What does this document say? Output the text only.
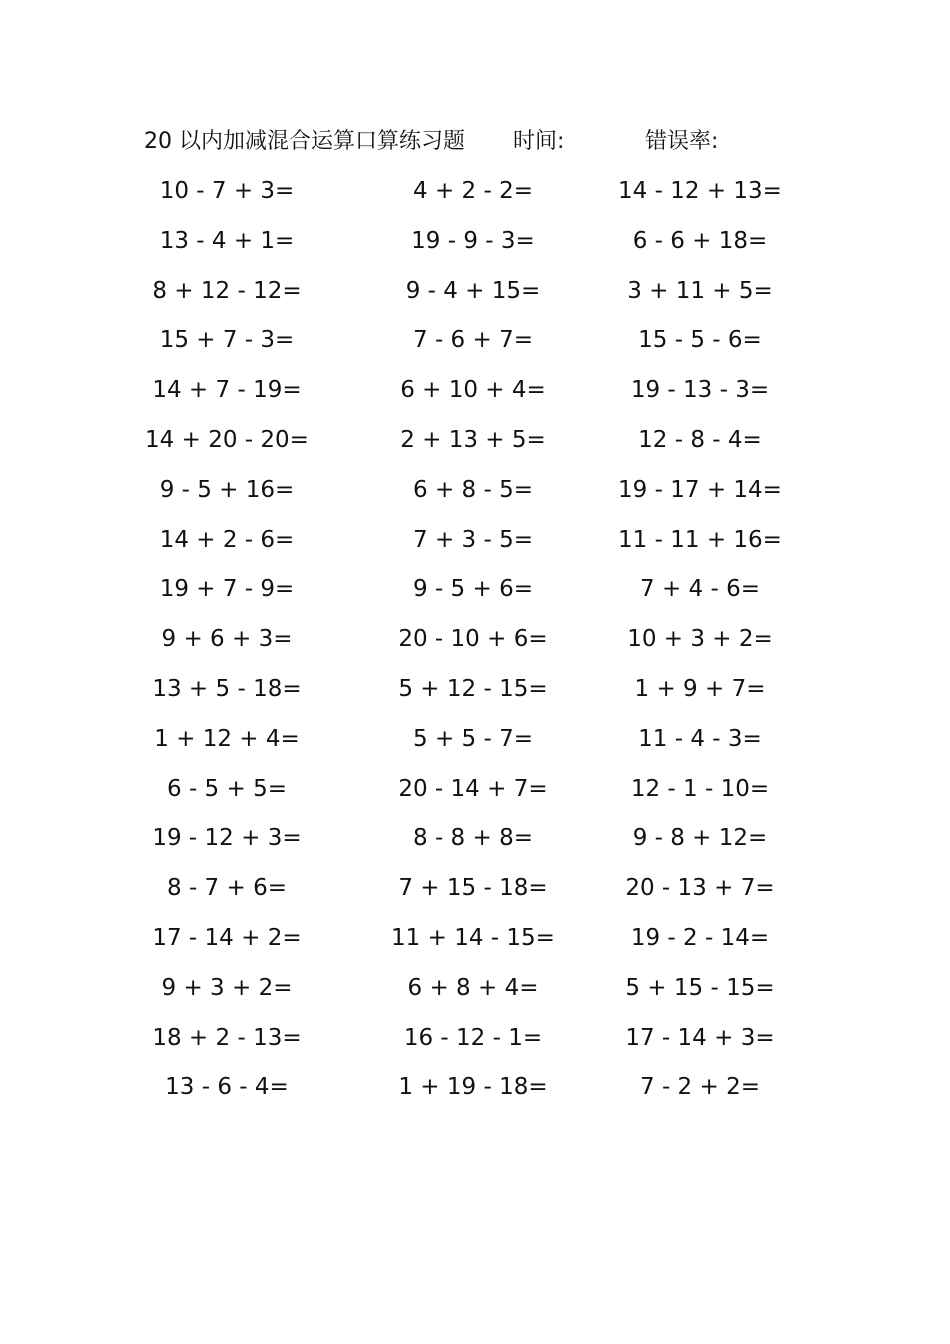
20 以内加减混合运算口算练习题 时间:	错误率:
10 - 7 + 3=	4 + 2 - 2=	14 - 12 + 13=
13 - 4 + 1=	19 - 9 - 3=	6 - 6 + 18=
8 + 12 - 12=	9 - 4 + 15=	3 + 11 + 5=
15 + 7 - 3=	7 - 6 + 7=	15 - 5 - 6=
14 + 7 - 19=	6 + 10 + 4=	19 - 13 - 3=
14 + 20 - 20=	2 + 13 + 5=	12 - 8 - 4=
9 - 5 + 16=	6 + 8 - 5=	19 - 17 + 14=
14 + 2 - 6=	7 + 3 - 5=	11 - 11 + 16=
19 + 7 - 9=	9 - 5 + 6=	7 + 4 - 6=
9 + 6 + 3=	20 - 10 + 6=	10 + 3 + 2=
13 + 5 - 18=	5 + 12 - 15=	1 + 9 + 7=
1 + 12 + 4=	5 + 5 - 7=	11 - 4 - 3=
6 - 5 + 5=	20 - 14 + 7=	12 - 1 - 10=
19 - 12 + 3=	8 - 8 + 8=	9 - 8 + 12=
8 - 7 + 6=	7 + 15 - 18=	20 - 13 + 7=
17 - 14 + 2=	11 + 14 - 15=	19 - 2 - 14=
9 + 3 + 2=	6 + 8 + 4=	5 + 15 - 15=
18 + 2 - 13=	16 - 12 - 1=	17 - 14 + 3=
13 - 6 - 4=	1 + 19 - 18=	7 - 2 + 2=
